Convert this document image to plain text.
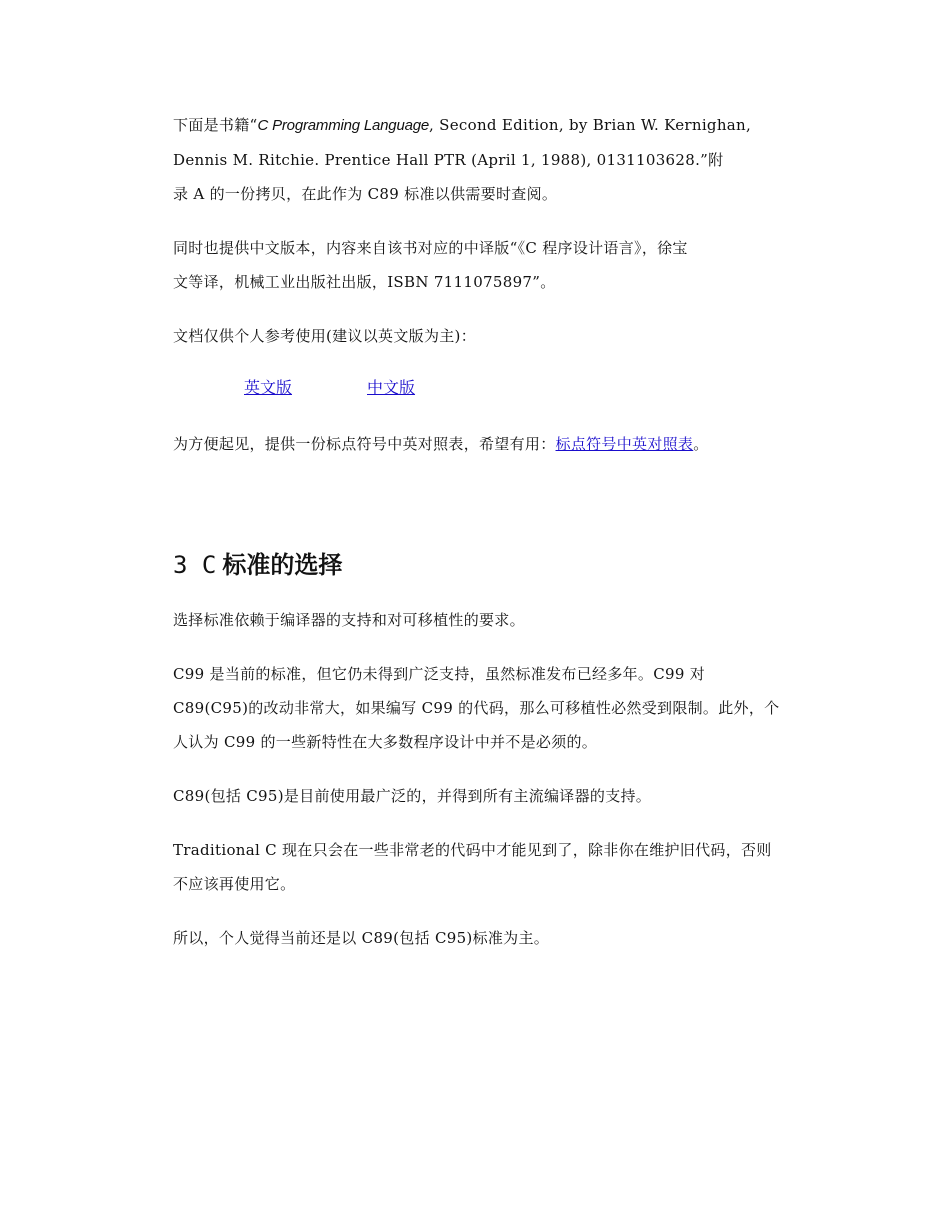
下面是书籍“C Programming Language, Second Edition, by Brian W. Kernighan,
Dennis M. Ritchie. Prentice Hall PTR (April 1, 1988), 0131103628.”附
录 A 的一份拷贝，在此作为 C89 标准以供需要时查阅。

同时也提供中文版本，内容来自该书对应的中译版“《C 程序设计语言》，徐宝
文等译，机械工业出版社出版，ISBN 7111075897”。

文档仅供个人参考使用(建议以英文版为主)：

英文版	中文版

为方便起见，提供一份标点符号中英对照表，希望有用：标点符号中英对照表。

3 C 标准的选择

选择标准依赖于编译器的支持和对可移植性的要求。

C99 是当前的标准，但它仍未得到广泛支持，虽然标准发布已经多年。C99 对 C89(C95)的改动非常大，如果编写 C99 的代码，那么可移植性必然受到限制。此外，个人认为 C99 的一些新特性在大多数程序设计中并不是必须的。

C89(包括 C95)是目前使用最广泛的，并得到所有主流编译器的支持。

Traditional C 现在只会在一些非常老的代码中才能见到了，除非你在维护旧代码，否则不应该再使用它。

所以，个人觉得当前还是以 C89(包括 C95)标准为主。
